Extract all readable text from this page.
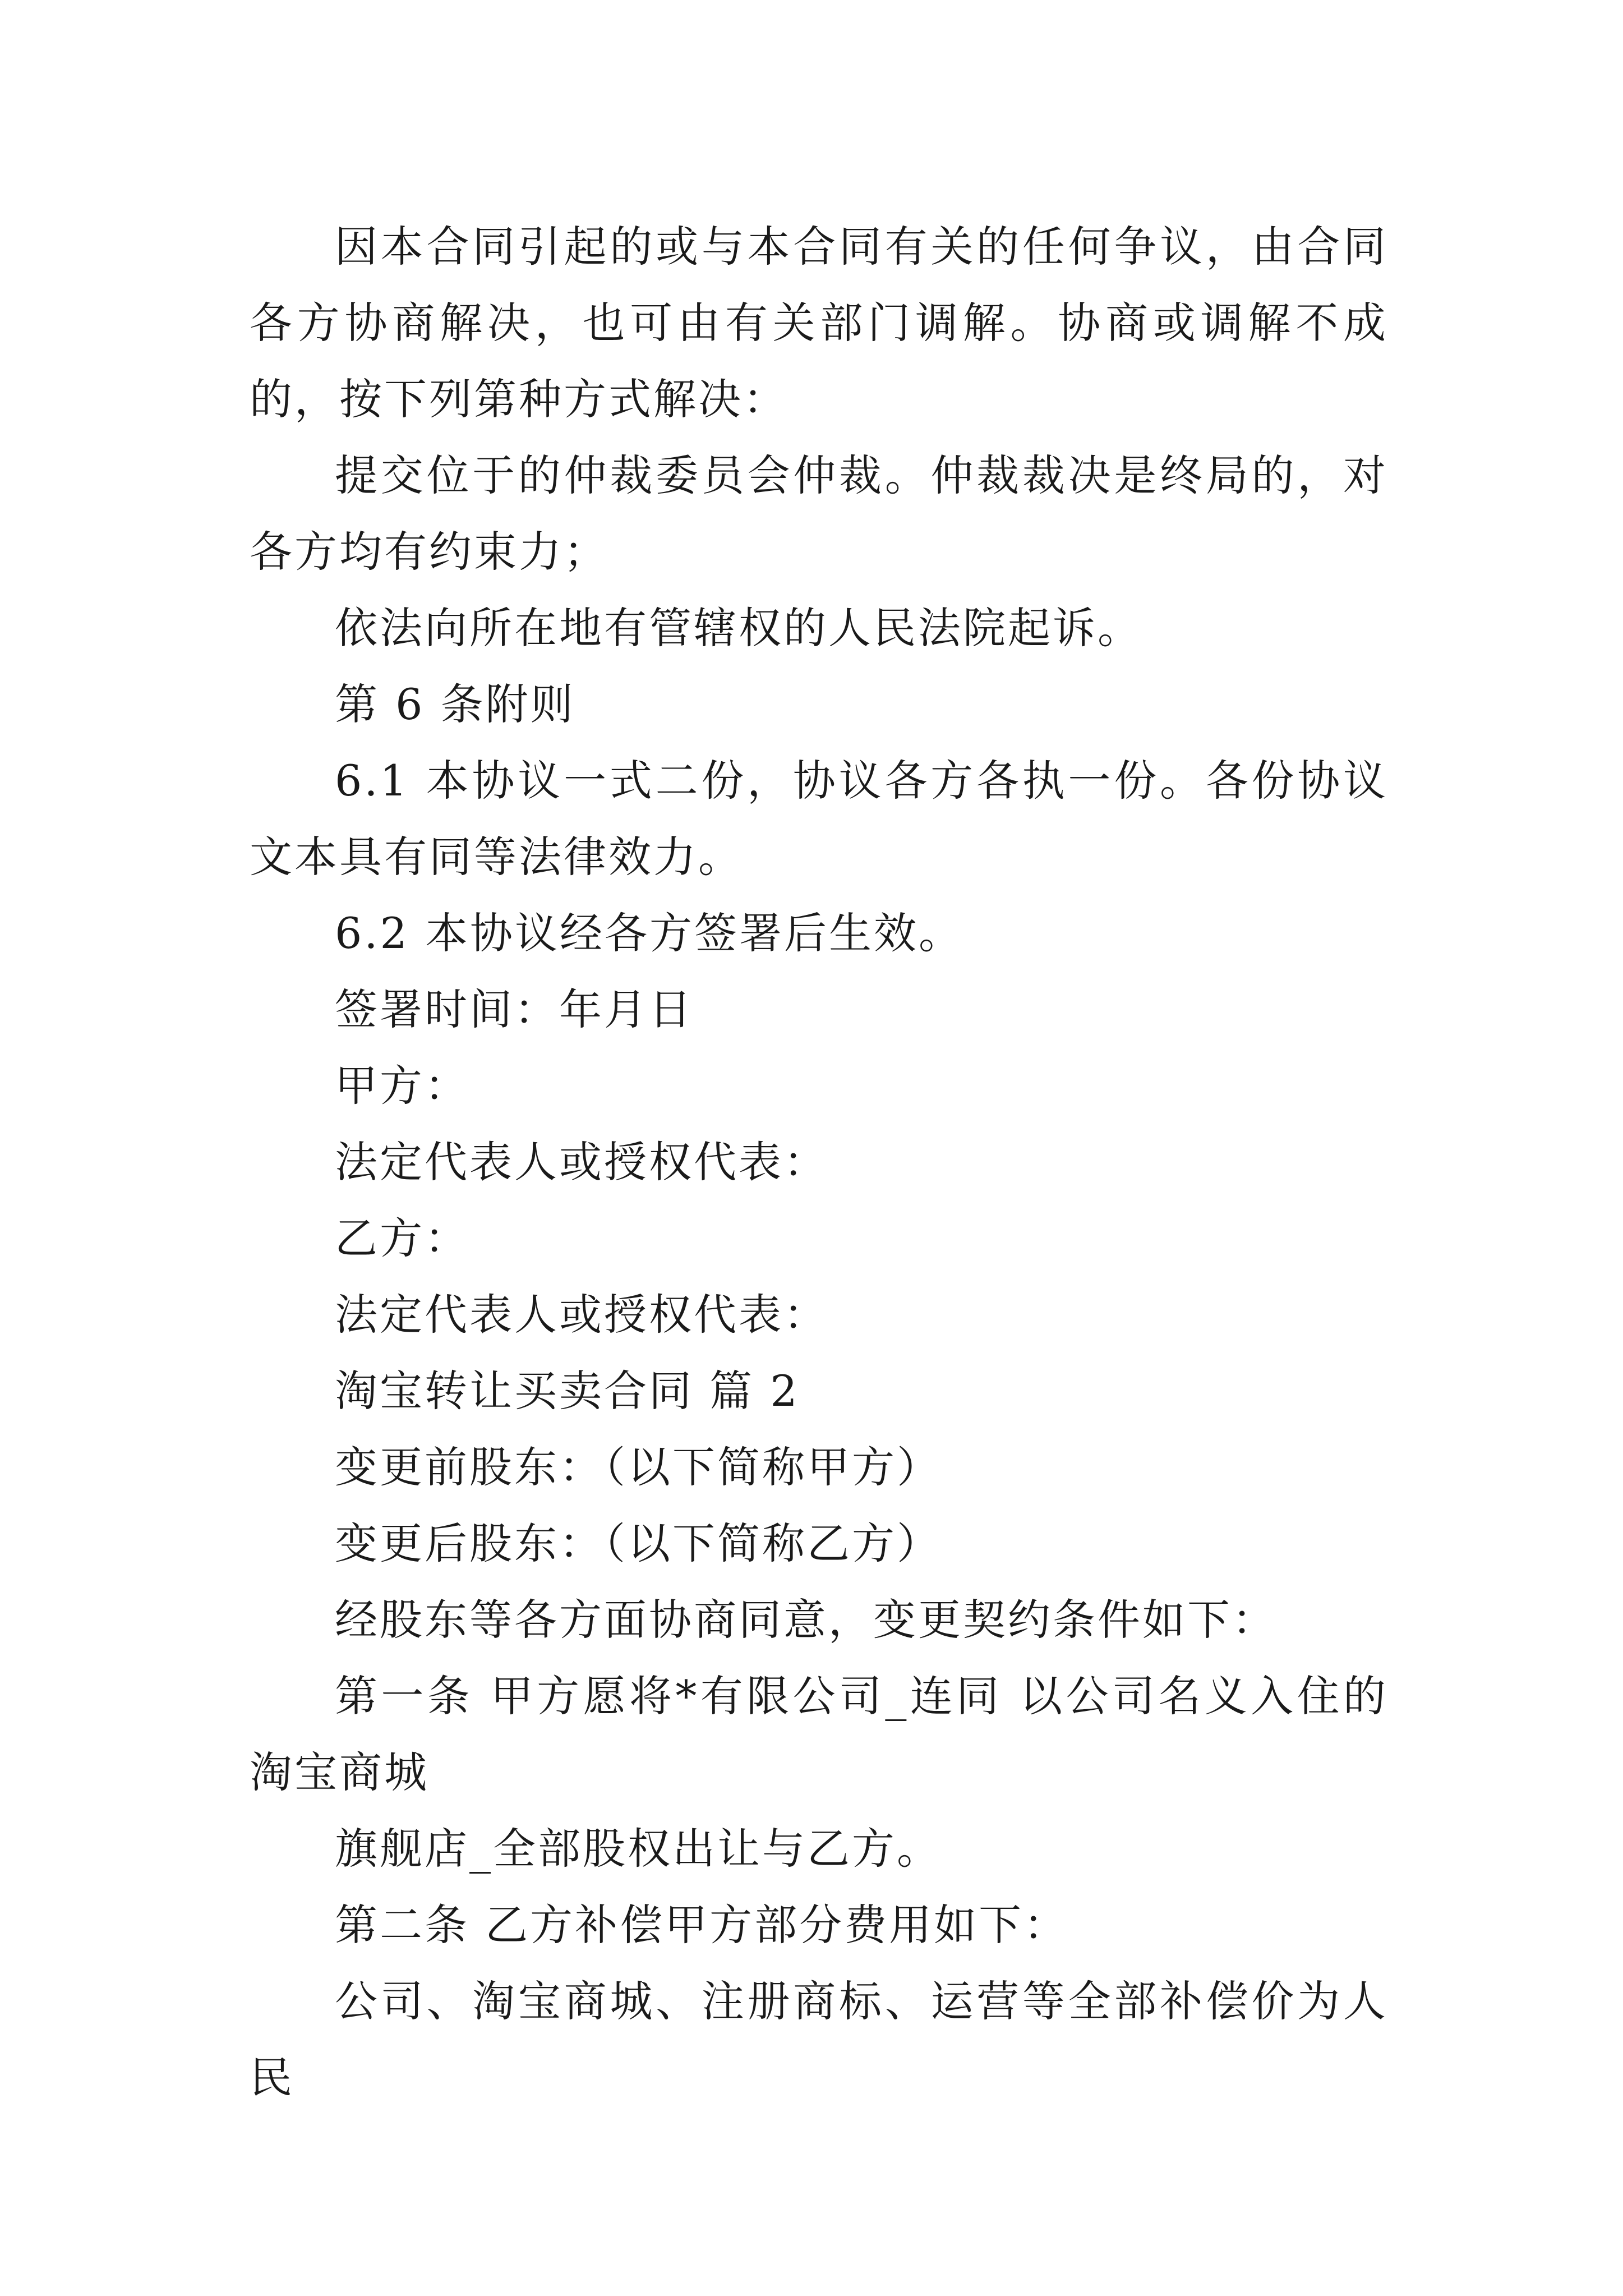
因本合同引起的或与本合同有关的任何争议，由合同各方协商解决，也可由有关部门调解。协商或调解不成的，按下列第种方式解决：

提交位于的仲裁委员会仲裁。仲裁裁决是终局的，对各方均有约束力；

依法向所在地有管辖权的人民法院起诉。

第 6 条附则

6.1 本协议一式二份，协议各方各执一份。各份协议文本具有同等法律效力。

6.2 本协议经各方签署后生效。

签署时间：年月日

甲方：

法定代表人或授权代表：

乙方：

法定代表人或授权代表：

淘宝转让买卖合同 篇 2

变更前股东：（以下简称甲方）

变更后股东：（以下简称乙方）

经股东等各方面协商同意，变更契约条件如下：

第一条 甲方愿将*有限公司_连同 以公司名义入住的淘宝商城

旗舰店_全部股权出让与乙方。

第二条 乙方补偿甲方部分费用如下：

公司、淘宝商城、注册商标、运营等全部补偿价为人民
